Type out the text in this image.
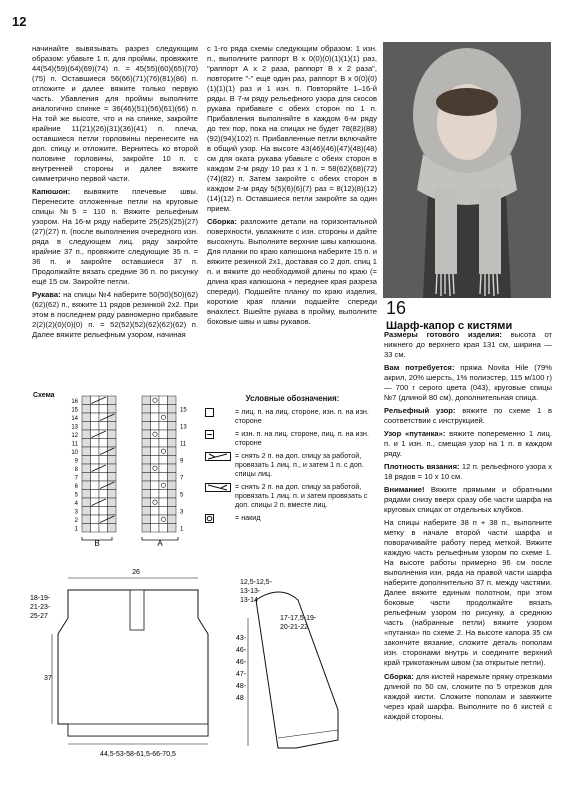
12

начинайте вывязывать разрез следующим образом: убавьте 1 п. для проймы, провяжите 44(54)(59)(64)(69)(74) п. = 45(55)(60)(65)(70)(75) п. Оставшиеся 56(66)(71)(76)(81)(86) п. отложите и далее вяжите только первую часть. Убавления для проймы выполните аналогично спинке = 36(46)(51)(56)(61)(66) п. На той же высоте, что и на спинке, закройте крайние 11(21)(26)(31)(36)(41) п. плеча, оставшиеся петли горловины перенесите на доп. спицу и отложите. Вернитесь ко второй половине горловины, закройте 10 п. с внутренней стороны и далее вяжите симметрично первой части.

Капюшон: вывяжите плечевые швы. Перенесите отложенные петли на круговые спицы №5 = 110 п. Вяжите рельефным узором. На 16-м ряду наберите 25(25)(25)(27)(27)(27) п. (после выполнения очередного изн. ряда в следующем лиц. ряду закройте крайние 37 п., провяжите следующие 35 п. = 36 п. и закройте оставшиеся 37 п. Продолжайте вязать средние 36 п. по рисунку ещё 15 см. Закройте петли.

Рукава: на спицы №4 наберите 50(50)(50)(62)(62)(62) п., вяжите 11 рядов резинкой 2х2. При этом в последнем ряду равномерно прибавьте 2(2)(2)(0)(0)(0) п. = 52(52)(52)(62)(62)(62) п. Далее вяжите рельефным узором, начиная

с 1-го ряда схемы следующим образом: 1 изн. п., выполните раппорт В х 0(0)(0)(1)(1)(1) раз, "раппорт А х 2 раза, раппорт В х 2 раза", повторите "-" ещё один раз, раппорт В х 0(0)(0)(1)(1)(1) раз и 1 изн. п. Повторяйте 1–16-й ряды. В 7-м ряду рельефного узора для скосов рукава прибавьте с обеих сторон по 1 п. Прибавления выполняйте в каждом 6-м ряду до тех пор, пока на спицах не будет 78(82)(88)(92)(94)(102) п. Прибавленные петли включайте в общий узор. На высоте 43(46)(46)(47)(48)(48) см для оката рукава убавьте с обеих сторон в каждом 2-м ряду 10 раз х 1 п. = 58(62)(68)(72)(74)(82) п. Затем закройте с обеих сторон в каждом 2-м ряду 5(5)(6)(6)(7) раз = 8(12)(8)(12)(14)(12) п. Оставшиеся петли закройте за один прием.

Сборка: разложите детали на горизонтальной поверхности, увлажните с изн. стороны и дайте высохнуть. Выполните верхние швы капюшона. Для планки по краю капюшона наберите 15 п. и вяжите резинкой 2х1, доставая со 2 доп. спиц 1 п. и вяжите до необходимой длины по краю (= длина края капюшона + переднее края разреза спереди). Подшейте планку по краю изделия, короткие края планки подшейте спереди внахлест. Вшейте рукава в пройму, выполните боковые швы и швы рукавов.

16
Шарф-капор с кистями

Размеры готового изделия: высота от нижнего до верхнего края 131 см, ширина — 33 см.

Вам потребуется: пряжа Novita Hile (79% акрил, 20% шерсть, 1% полиэстер, 115 м/100 г) — 700 г серого цвета (043), круговые спицы №7 (длиной 80 см), дополнительная спица.

Рельефный узор: вяжите по схеме 1 в соответствии с инструкцией.

Узор «путанка»: вяжите попеременно 1 лиц. п. и 1 изн. п., смещая узор на 1 п. в каждом ряду.

Плотность вязания: 12 п. рельефного узора х 18 рядов = 10 х 10 см.

Внимание! Вяжите прямыми и обратными рядами снизу вверх сразу обе части шарфа на круговых спицах от отдельных клубков.

На спицы наберите 38 п + 38 п., выполните метку в начале второй части шарфа и поворачивайте работу перед меткой. Вяжите каждую часть рельефным узором по схеме 1. На высоте работы примерно 96 см после выполнения изн. ряда на правой части шарфа наберите дополнительно 37 п. между частями. Далее вяжите единым полотном, при этом боковые части продолжайте вязать рельефным узором по рисунку, а среднюю часть (набранные петли) вяжите узором «путанка» по схеме 2. На высоте капора 35 см закончите вязание, сложите деталь пополам изн. сторонами внутрь и соедините верхний край трикотажным швом (за открытые петли).

Сборка: для кистей нарежьте пряжу отрезками длиной по 50 см, сложите по 5 отрезков для каждой кисти. Сложите пополам и завяжите через край шарфа. Выполните по 6 кистей с каждой стороны.

Схема
16
15
14
13
12
11
10
9
8
7
6
5
4
3
2
1
15
13
11
9
7
5
3
1
B	A
Условные обозначения:
= лиц. п. на лиц. стороне, изн. п. на изн. стороне
= изн. п. на лиц. стороне, лиц. п. на изн. стороне
= снять 2 п. на доп. спицу за работой, провязать 1 лиц. п., и затем 1 п. с доп. спицы лиц.
= снять 2 п. на доп. спицу за работой, провязать 1 лиц. п. и затем провязать с доп. спицы 2 п. вместе лиц.
= накид
26
18-19-
21-23-
25-27
37
44,5-53-58-61,5-66-70,5
12,5-12,5-
13-13-
13-14
17-17,5-19-
20-21-22
43-
46-
46-
47-
48-
48
